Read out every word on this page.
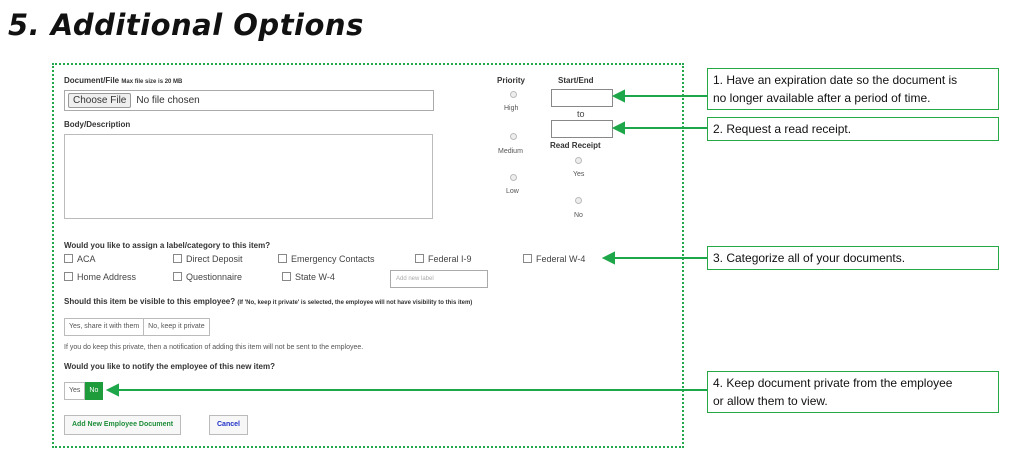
5. Additional Options
Document/File Max file size is 20 MB
Choose File	No file chosen
Body/Description
Priority
High
Medium
Low
Start/End
to
Read Receipt
Yes
No
Would you like to assign a label/category to this item?
ACA	Direct Deposit	Emergency Contacts	Federal I-9	Federal W-4
Home Address	Questionnaire	State W-4	Add new label
Should this item be visible to this employee? (If 'No, keep it private' is selected, the employee will not have visibility to this item)
Yes, share it with them	No, keep it private
If you do keep this private, then a notification of adding this item will not be sent to the employee.
Would you like to notify the employee of this new item?
Yes	No
Add New Employee Document	Cancel
1. Have an expiration date so the document is
no longer available after a period of time.
2. Request a read receipt.
3. Categorize all of your documents.
4. Keep document private from the employee
or allow them to view.
